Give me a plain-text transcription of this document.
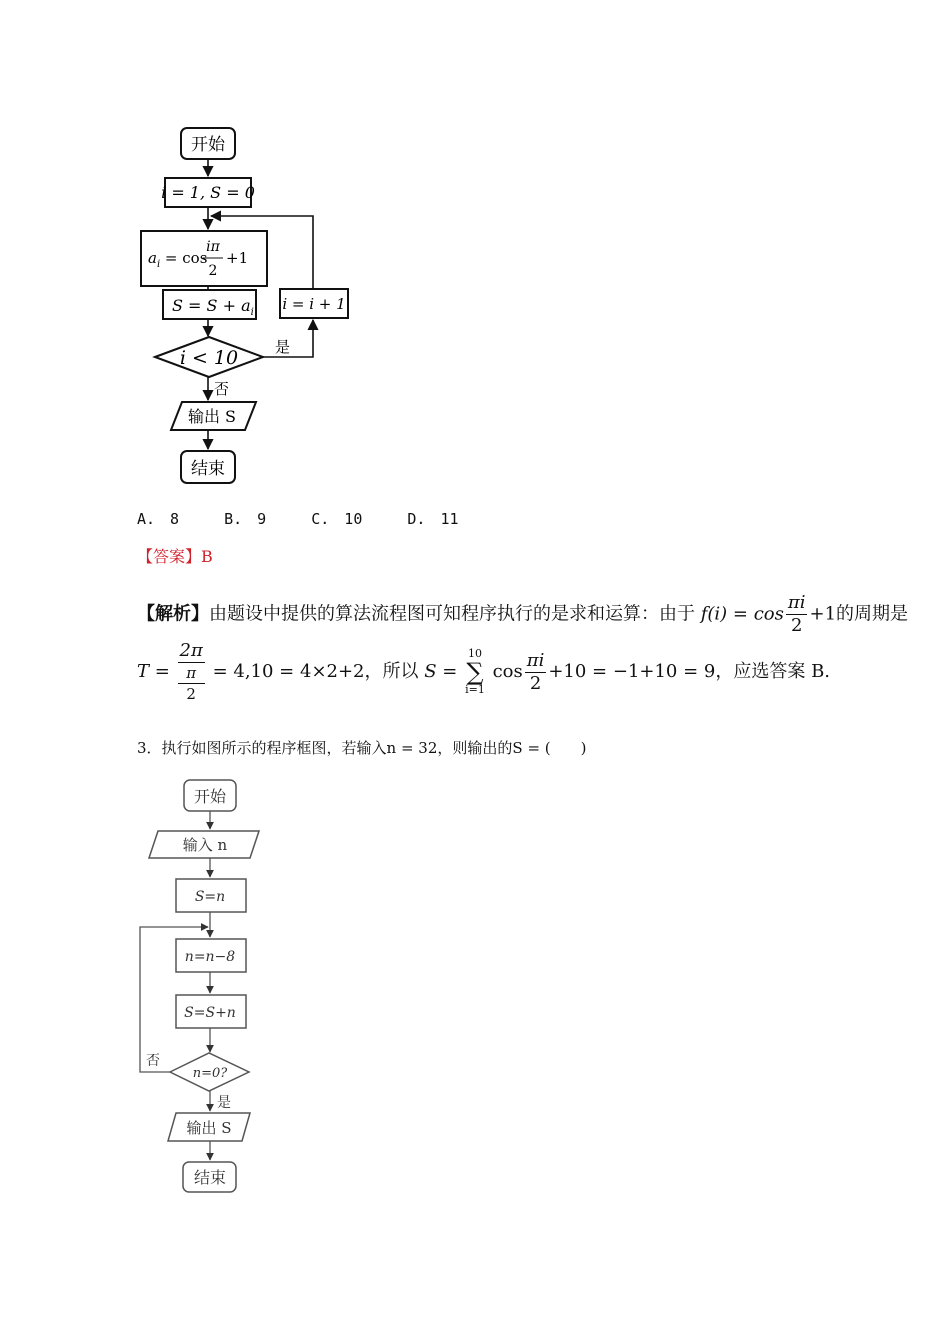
开始
i = 1, S = 0
$a_i = \cos$
iπ
2
+1
$S = S + a_i$ i = i + 1
i < 10 是
否
输出 S
结束
A.　8	B.　9	C.　10	D.　11
【答案】B
【解析】由题设中提供的算法流程图可知程序执行的是求和运算：由于 $f(i) = \cos \frac{\pi i}{2} +1$的周期是
T = 2π
π
2 = 4,10 = 4×2+2，所以 S =
10
∑
i=1
$\cos \frac{\pi i}{2} +10 = -1+10 = 9$，应选答案 B.
3．执行如图所示的程序框图，若输入n = 32，则输出的S = (　　)
开始
输入 n
S=n
n=n−8
S=S+n
n=0?
否
是
输出 S
结束
